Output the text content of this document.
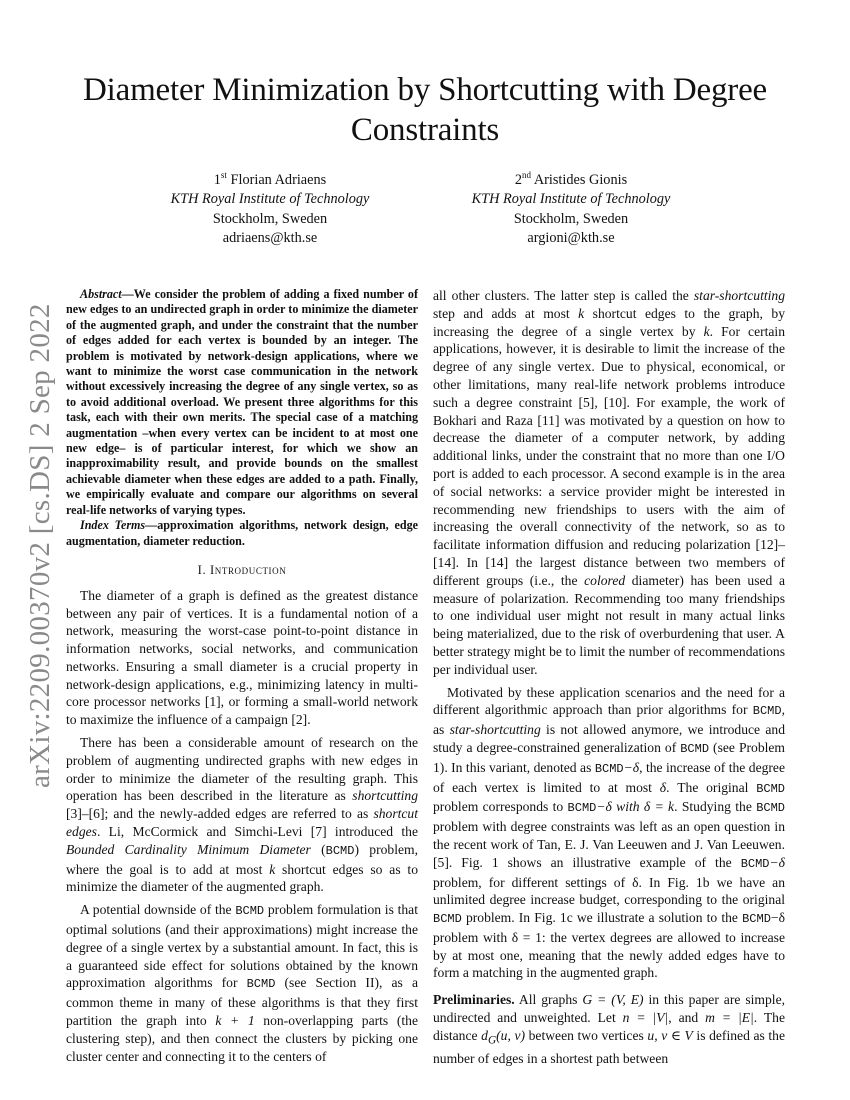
Diameter Minimization by Shortcutting with Degree Constraints
1st Florian Adriaens
KTH Royal Institute of Technology
Stockholm, Sweden
adriaens@kth.se
2nd Aristides Gionis
KTH Royal Institute of Technology
Stockholm, Sweden
argioni@kth.se
arXiv:2209.00370v2 [cs.DS] 2 Sep 2022

Abstract—We consider the problem of adding a fixed number of new edges to an undirected graph in order to minimize the diameter of the augmented graph, and under the constraint that the number of edges added for each vertex is bounded by an integer. The problem is motivated by network-design applications, where we want to minimize the worst case communication in the network without excessively increasing the degree of any single vertex, so as to avoid additional overload. We present three algorithms for this task, each with their own merits. The special case of a matching augmentation –when every vertex can be incident to at most one new edge– is of particular interest, for which we show an inapproximability result, and provide bounds on the smallest achievable diameter when these edges are added to a path. Finally, we empirically evaluate and compare our algorithms on several real-life networks of varying types.

Index Terms—approximation algorithms, network design, edge augmentation, diameter reduction.

I. Introduction

The diameter of a graph is defined as the greatest distance between any pair of vertices. It is a fundamental notion of a network, measuring the worst-case point-to-point distance in information networks, social networks, and communication networks. Ensuring a small diameter is a crucial property in network-design applications, e.g., minimizing latency in multi-core processor networks [1], or forming a small-world network to maximize the influence of a campaign [2].

There has been a considerable amount of research on the problem of augmenting undirected graphs with new edges in order to minimize the diameter of the resulting graph. This operation has been described in the literature as shortcutting [3]–[6]; and the newly-added edges are referred to as shortcut edges. Li, McCormick and Simchi-Levi [7] introduced the Bounded Cardinality Minimum Diameter (BCMD) problem, where the goal is to add at most k shortcut edges so as to minimize the diameter of the augmented graph.

A potential downside of the BCMD problem formulation is that optimal solutions (and their approximations) might increase the degree of a single vertex by a substantial amount. In fact, this is a guaranteed side effect for solutions obtained by the known approximation algorithms for BCMD (see Section II), as a common theme in many of these algorithms is that they first partition the graph into k + 1 non-overlapping parts (the clustering step), and then connect the clusters by picking one cluster center and connecting it to the centers of

all other clusters. The latter step is called the star-shortcutting step and adds at most k shortcut edges to the graph, by increasing the degree of a single vertex by k. For certain applications, however, it is desirable to limit the increase of the degree of any single vertex. Due to physical, economical, or other limitations, many real-life network problems introduce such a degree constraint [5], [10]. For example, the work of Bokhari and Raza [11] was motivated by a question on how to decrease the diameter of a computer network, by adding additional links, under the constraint that no more than one I/O port is added to each processor. A second example is in the area of social networks: a service provider might be interested in recommending new friendships to users with the aim of increasing the overall connectivity of the network, so as to facilitate information diffusion and reducing polarization [12]–[14]. In [14] the largest distance between two members of different groups (i.e., the colored diameter) has been used a measure of polarization. Recommending too many friendships to one individual user might not result in many actual links being materialized, due to the risk of overburdening that user. A better strategy might be to limit the number of recommendations per individual user.

Motivated by these application scenarios and the need for a different algorithmic approach than prior algorithms for BCMD, as star-shortcutting is not allowed anymore, we introduce and study a degree-constrained generalization of BCMD (see Problem 1). In this variant, denoted as BCMD−δ, the increase of the degree of each vertex is limited to at most δ. The original BCMD problem corresponds to BCMD−δ with δ = k. Studying the BCMD problem with degree constraints was left as an open question in the recent work of Tan, E. J. Van Leeuwen and J. Van Leeuwen. [5]. Fig. 1 shows an illustrative example of the BCMD−δ problem, for different settings of δ. In Fig. 1b we have an unlimited degree increase budget, corresponding to the original BCMD problem. In Fig. 1c we illustrate a solution to the BCMD−δ problem with δ = 1: the vertex degrees are allowed to increase by at most one, meaning that the newly added edges have to form a matching in the augmented graph.

Preliminaries. All graphs G = (V, E) in this paper are simple, undirected and unweighted. Let n = |V|, and m = |E|. The distance $d_G(u$, v) between two vertices u, v ∈ V is defined as the number of edges in a shortest path between
